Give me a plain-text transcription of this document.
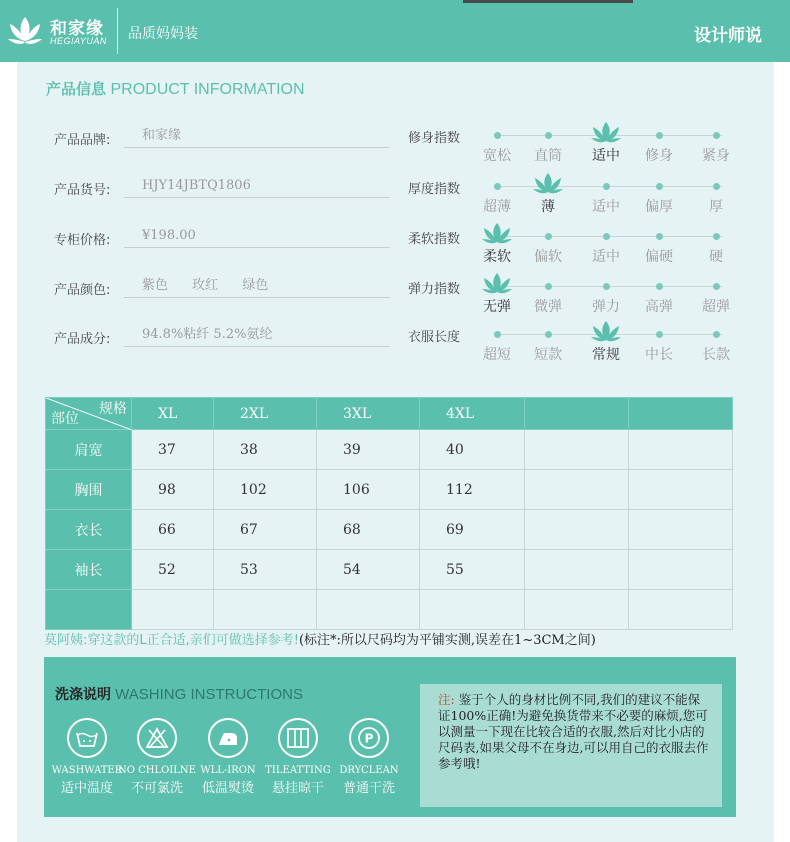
和家缘
HEGIAYUAN 品质妈妈装	设计师说
产品信息 PRODUCT INFORMATION
产品品牌:	和家缘
产品货号:	HJY14JBTQ1806
专柜价格:	¥198.00
产品颜色:	紫色 玫红 绿色
产品成分:	94.8%粘纤 5.2%氨纶
修身指数
宽松	直筒	适中	修身	紧身
厚度指数
超薄	薄	适中	偏厚	厚
柔软指数
柔软	偏软	适中	偏硬	硬
弹力指数
无弹	微弹	弹力	高弹	超弹
衣服长度
超短	短款	常规	中长	长款
规格
部位	XL	2XL	3XL	4XL		
肩宽	37	38	39	40		
胸围	98	102	106	112		
衣长	66	67	68	69		
袖长	52	53	54	55		

莫阿姨:穿这款的L正合适,亲们可做选择参考!(标注*:所以尺码均为平铺实测,误差在1~3CM之间)
洗涤说明 WASHING INSTRUCTIONS
P
WASHWATER
适中温度
NO CHLOILNE
不可氯洗
WLL-IRON
低温熨烫
TILEATTING
悬挂晾干
DRYCLEAN
普通干洗
注: 鉴于个人的身材比例不同,我们的建议不能保证100%正确!为避免换货带来不必要的麻烦,您可以测量一下现在比较合适的衣服,然后对比小店的尺码表,如果父母不在身边,可以用自己的衣服去作参考哦!
